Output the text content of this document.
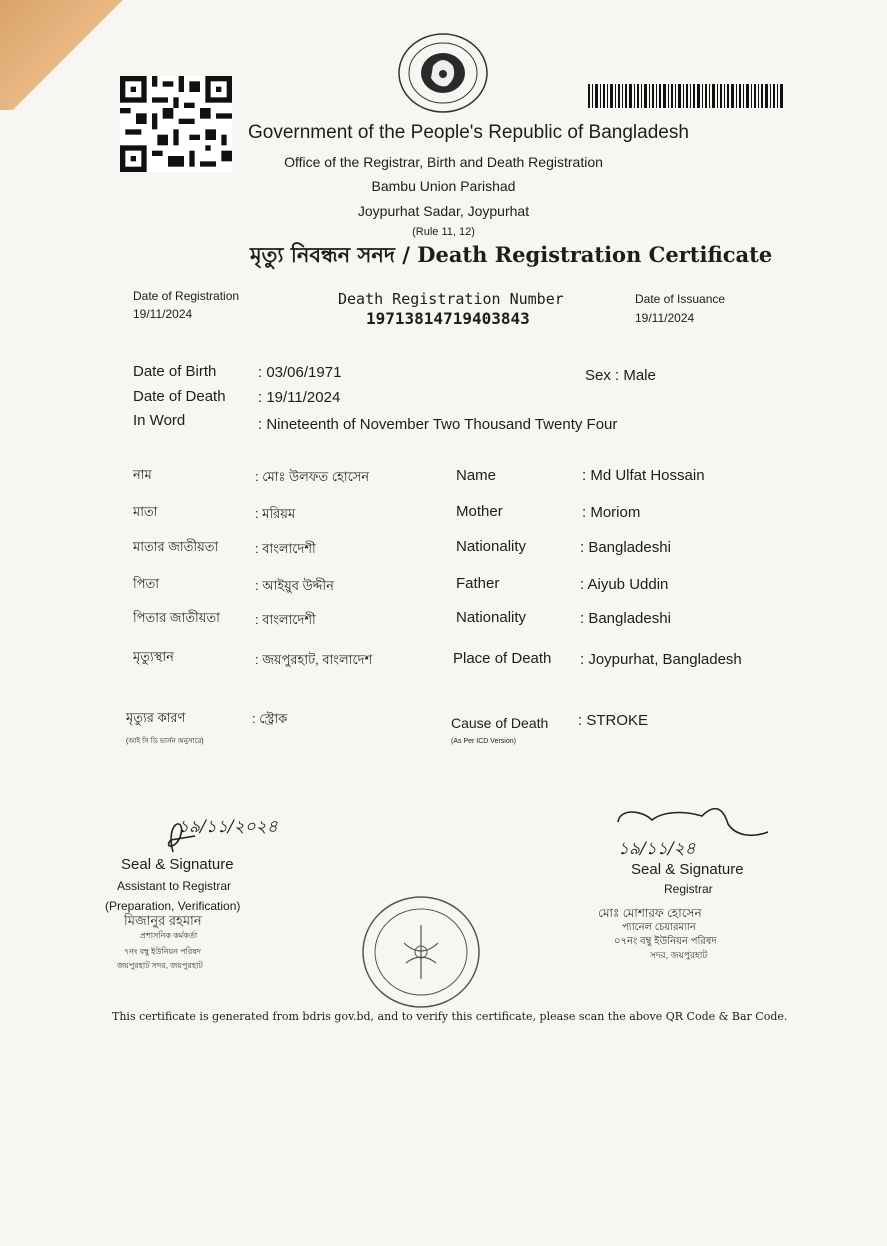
Government of the People's Republic of Bangladesh
Office of the Registrar, Birth and Death Registration
Bambu Union Parishad
Joypurhat Sadar, Joypurhat
(Rule 11, 12)
মৃত্যু নিবন্ধন সনদ / Death Registration Certificate
Date of Registration
19/11/2024
Death Registration Number
19713814719403843
Date of Issuance
19/11/2024
Date of Birth	: 03/06/1971	Sex : Male
Date of Death : 19/11/2024
In Word	: Nineteenth of November Two Thousand Twenty Four
নাম	: মোঃ উলফত হোসেন	Name	: Md Ulfat Hossain
মাতা	: মরিয়ম	Mother	: Moriom
মাতার জাতীয়তা	: বাংলাদেশী	Nationality	: Bangladeshi
পিতা	: আইয়ুব উদ্দীন	Father	: Aiyub Uddin
পিতার জাতীয়তা	: বাংলাদেশী	Nationality	: Bangladeshi
মৃত্যুস্থান	: জয়পুরহাট, বাংলাদেশ	Place of Death : Joypurhat, Bangladesh
মৃত্যুর কারণ
(আই সি ডি ভার্সন অনুসারে)
: স্ট্রোক	Cause of Death
(As Per ICD Version)
: STROKE
১৯/১১/২০২৪
Seal & Signature
Assistant to Registrar
(Preparation, Verification)
মিজানুর রহমান
প্রশাসনিক কর্মকর্তা
৭নং বম্বু ইউনিয়ন পরিষদ
জয়পুরহাট সদর, জয়পুরহাট
১৯/১১/২৪
Seal & Signature
Registrar
মোঃ মোশারফ হোসেন
প্যানেল চেয়ারম্যান
০৭নং বম্বু ইউনিয়ন পরিষদ
সদর, জয়পুরহাট
This certificate is generated from bdris gov.bd, and to verify this certificate, please scan the above QR Code & Bar Code.
